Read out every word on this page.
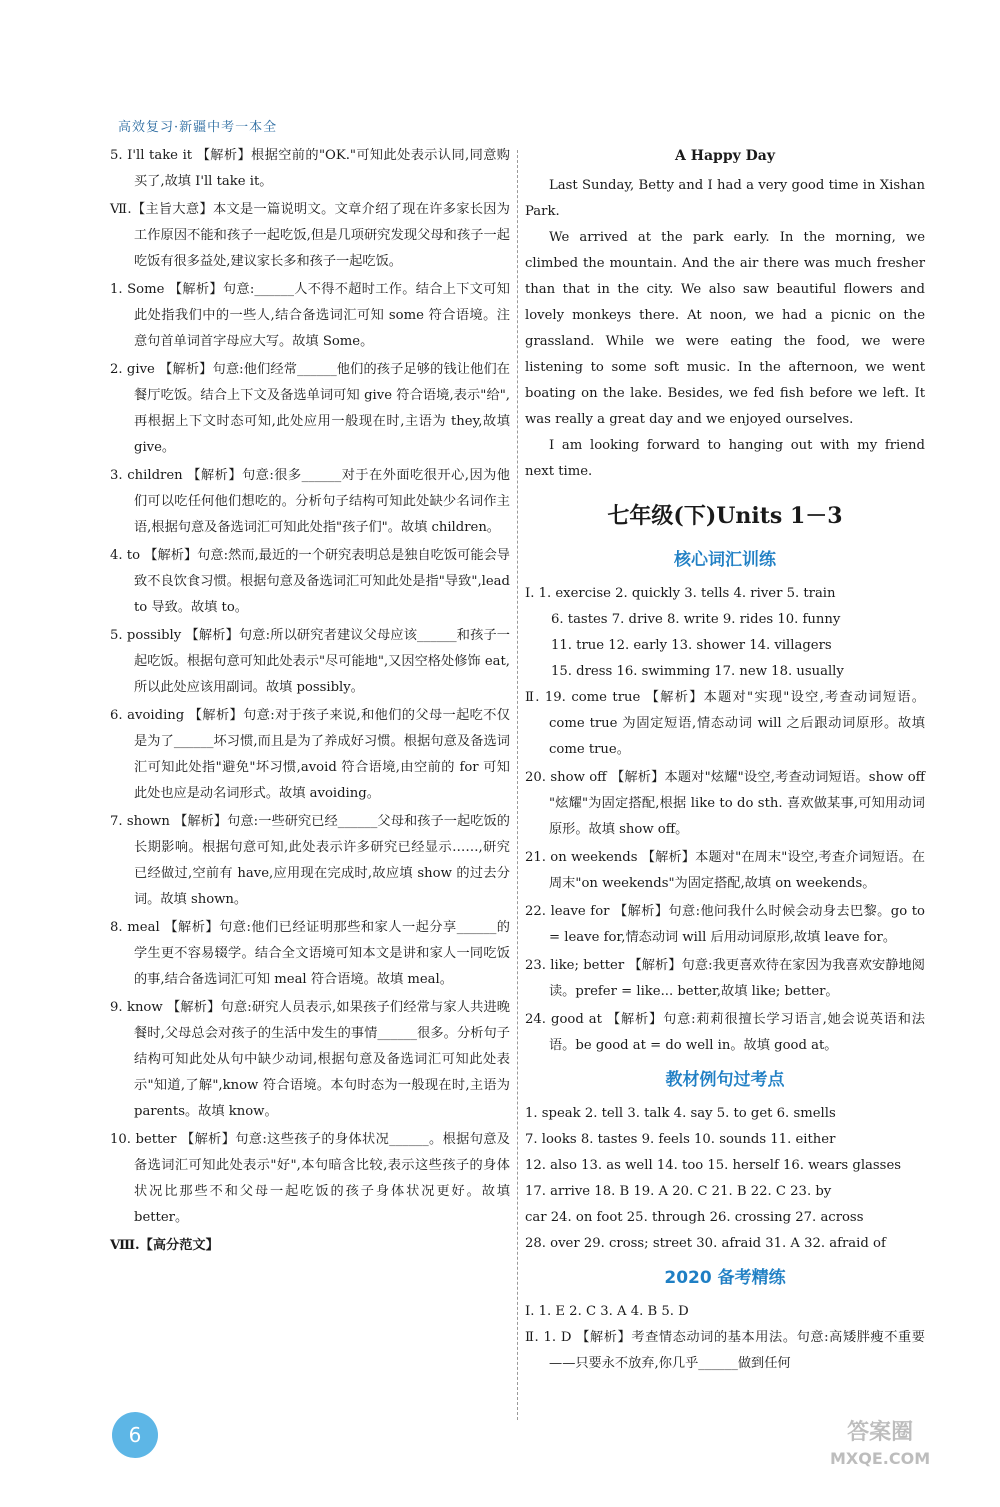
高效复习·新疆中考一本全

5. I'll take it 【解析】根据空前的"OK."可知此处表示认同,同意购买了,故填 I'll take it。

Ⅶ.【主旨大意】本文是一篇说明文。文章介绍了现在许多家长因为工作原因不能和孩子一起吃饭,但是几项研究发现父母和孩子一起吃饭有很多益处,建议家长多和孩子一起吃饭。

1. Some 【解析】句意:______人不得不超时工作。结合上下文可知此处指我们中的一些人,结合备选词汇可知 some 符合语境。注意句首单词首字母应大写。故填 Some。

2. give 【解析】句意:他们经常______他们的孩子足够的钱让他们在餐厅吃饭。结合上下文及备选单词可知 give 符合语境,表示"给",再根据上下文时态可知,此处应用一般现在时,主语为 they,故填 give。

3. children 【解析】句意:很多______对于在外面吃很开心,因为他们可以吃任何他们想吃的。分析句子结构可知此处缺少名词作主语,根据句意及备选词汇可知此处指"孩子们"。故填 children。

4. to 【解析】句意:然而,最近的一个研究表明总是独自吃饭可能会导致不良饮食习惯。根据句意及备选词汇可知此处是指"导致",lead to 导致。故填 to。

5. possibly 【解析】句意:所以研究者建议父母应该______和孩子一起吃饭。根据句意可知此处表示"尽可能地",又因空格处修饰 eat,所以此处应该用副词。故填 possibly。

6. avoiding 【解析】句意:对于孩子来说,和他们的父母一起吃不仅是为了______坏习惯,而且是为了养成好习惯。根据句意及备选词汇可知此处指"避免"坏习惯,avoid 符合语境,由空前的 for 可知此处也应是动名词形式。故填 avoiding。

7. shown 【解析】句意:一些研究已经______父母和孩子一起吃饭的长期影响。根据句意可知,此处表示许多研究已经显示……,研究已经做过,空前有 have,应用现在完成时,故应填 show 的过去分词。故填 shown。

8. meal 【解析】句意:他们已经证明那些和家人一起分享______的学生更不容易辍学。结合全文语境可知本文是讲和家人一同吃饭的事,结合备选词汇可知 meal 符合语境。故填 meal。

9. know 【解析】句意:研究人员表示,如果孩子们经常与家人共进晚餐时,父母总会对孩子的生活中发生的事情______很多。分析句子结构可知此处从句中缺少动词,根据句意及备选词汇可知此处表示"知道,了解",know 符合语境。本句时态为一般现在时,主语为 parents。故填 know。

10. better 【解析】句意:这些孩子的身体状况______。根据句意及备选词汇可知此处表示"好",本句暗含比较,表示这些孩子的身体状况比那些不和父母一起吃饭的孩子身体状况更好。故填 better。

Ⅷ.【高分范文】

A Happy Day

Last Sunday, Betty and I had a very good time in Xishan Park.

We arrived at the park early. In the morning, we climbed the mountain. And the air there was much fresher than that in the city. We also saw beautiful flowers and lovely monkeys there. At noon, we had a picnic on the grassland. While we were eating the food, we were listening to some soft music. In the afternoon, we went boating on the lake. Besides, we fed fish before we left. It was really a great day and we enjoyed ourselves.

I am looking forward to hanging out with my friend next time.

七年级(下)Units 1－3
核心词汇训练

Ⅰ. 1. exercise 2. quickly 3. tells 4. river 5. train

6. tastes 7. drive 8. write 9. rides 10. funny

11. true 12. early 13. shower 14. villagers

15. dress 16. swimming 17. new 18. usually

Ⅱ. 19. come true 【解析】本题对"实现"设空,考查动词短语。come true 为固定短语,情态动词 will 之后跟动词原形。故填 come true。

20. show off 【解析】本题对"炫耀"设空,考查动词短语。show off "炫耀"为固定搭配,根据 like to do sth. 喜欢做某事,可知用动词原形。故填 show off。

21. on weekends 【解析】本题对"在周末"设空,考查介词短语。在周末"on weekends"为固定搭配,故填 on weekends。

22. leave for 【解析】句意:他问我什么时候会动身去巴黎。go to = leave for,情态动词 will 后用动词原形,故填 leave for。

23. like; better 【解析】句意:我更喜欢待在家因为我喜欢安静地阅读。prefer = like... better,故填 like; better。

24. good at 【解析】句意:莉莉很擅长学习语言,她会说英语和法语。be good at = do well in。故填 good at。

教材例句过考点

1. speak 2. tell 3. talk 4. say 5. to get 6. smells

7. looks 8. tastes 9. feels 10. sounds 11. either

12. also 13. as well 14. too 15. herself 16. wears glasses

17. arrive 18. B 19. A 20. C 21. B 22. C 23. by

car 24. on foot 25. through 26. crossing 27. across

28. over 29. cross; street 30. afraid 31. A 32. afraid of

2020 备考精练

Ⅰ. 1. E 2. C 3. A 4. B 5. D

Ⅱ. 1. D 【解析】考查情态动词的基本用法。句意:高矮胖瘦不重要——只要永不放弃,你几乎______做到任何

6	答案圈
MXQE.COM
